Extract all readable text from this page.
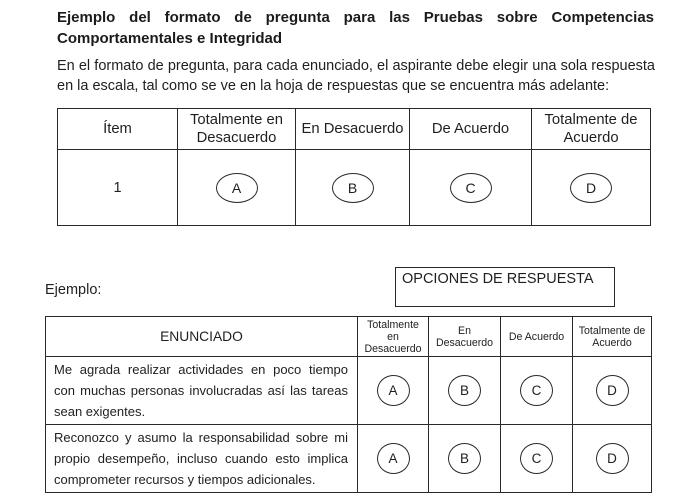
Ejemplo del formato de pregunta para las Pruebas sobre Competencias Comportamentales e Integridad
En el formato de pregunta, para cada enunciado, el aspirante debe elegir una sola respuesta en la escala, tal como se ve en la hoja de respuestas que se encuentra más adelante:
Ítem	Totalmente en Desacuerdo	En Desacuerdo	De Acuerdo	Totalmente de Acuerdo
1	A	B	C	D
Ejemplo:
OPCIONES DE RESPUESTA
ENUNCIADO	Totalmente en Desacuerdo	En Desacuerdo	De Acuerdo	Totalmente de Acuerdo
Me agrada realizar actividades en poco tiempo con muchas personas involucradas así las tareas sean exigentes.	A	B	C	D
Reconozco y asumo la responsabilidad sobre mi propio desempeño, incluso cuando esto implica comprometer recursos y tiempos adicionales.	A	B	C	D
